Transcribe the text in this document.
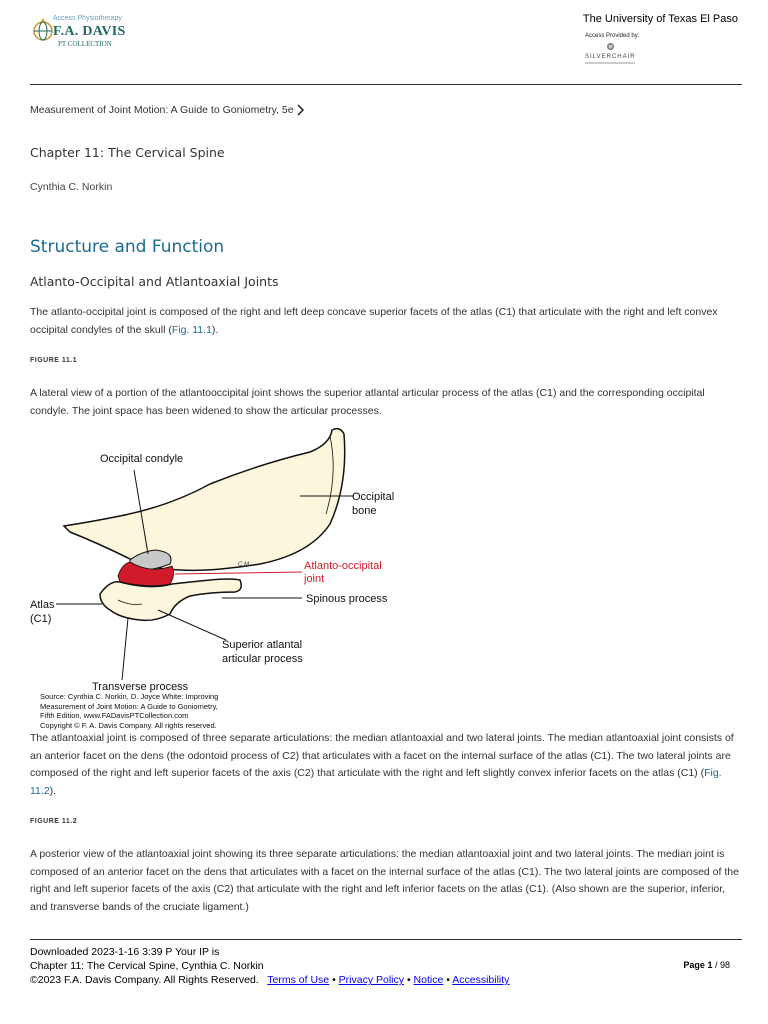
Access Physiotherapy
F.A. DAVIS
PT COLLECTION
The University of Texas El Paso
Access Provided by:
SILVERCHAIR
Measurement of Joint Motion: A Guide to Goniometry, 5e
Chapter 11: The Cervical Spine
Cynthia C. Norkin
Structure and Function
Atlanto-Occipital and Atlantoaxial Joints
The atlanto-occipital joint is composed of the right and left deep concave superior facets of the atlas (C1) that articulate with the right and left convex occipital condyles of the skull (Fig. 11.1).
FIGURE 11.1
A lateral view of a portion of the atlantooccipital joint shows the superior atlantal articular process of the atlas (C1) and the corresponding occipital condyle. The joint space has been widened to show the articular processes.
Occipital condyle
Occipital
bone
Atlanto-occipital
joint
Spinous process
Atlas
(C1)
Superior atlantal
articular process
Transverse process
C.M.
Source: Cynthia C. Norkin, D. Joyce White: Improving
Measurement of Joint Motion: A Guide to Goniometry,
Fifth Edition, www.FADavisPTCollection.com
Copyright © F. A. Davis Company. All rights reserved.
The atlantoaxial joint is composed of three separate articulations: the median atlantoaxial and two lateral joints. The median atlantoaxial joint consists of an anterior facet on the dens (the odontoid process of C2) that articulates with a facet on the internal surface of the atlas (C1). The two lateral joints are composed of the right and left superior facets of the axis (C2) that articulate with the right and left slightly convex inferior facets on the atlas (C1) (Fig. 11.2).
FIGURE 11.2
A posterior view of the atlantoaxial joint showing its three separate articulations: the median atlantoaxial joint and two lateral joints. The median joint is composed of an anterior facet on the dens that articulates with a facet on the internal surface of the atlas (C1). The two lateral joints are composed of the right and left superior facets of the axis (C2) that articulate with the right and left inferior facets on the atlas (C1). (Also shown are the superior, inferior, and transverse bands of the cruciate ligament.)
Downloaded 2023-1-16 3:39 P Your IP is
Chapter 11: The Cervical Spine, Cynthia C. Norkin
©2023 F.A. Davis Company. All Rights Reserved. Terms of Use • Privacy Policy • Notice • Accessibility
Page 1 / 98
